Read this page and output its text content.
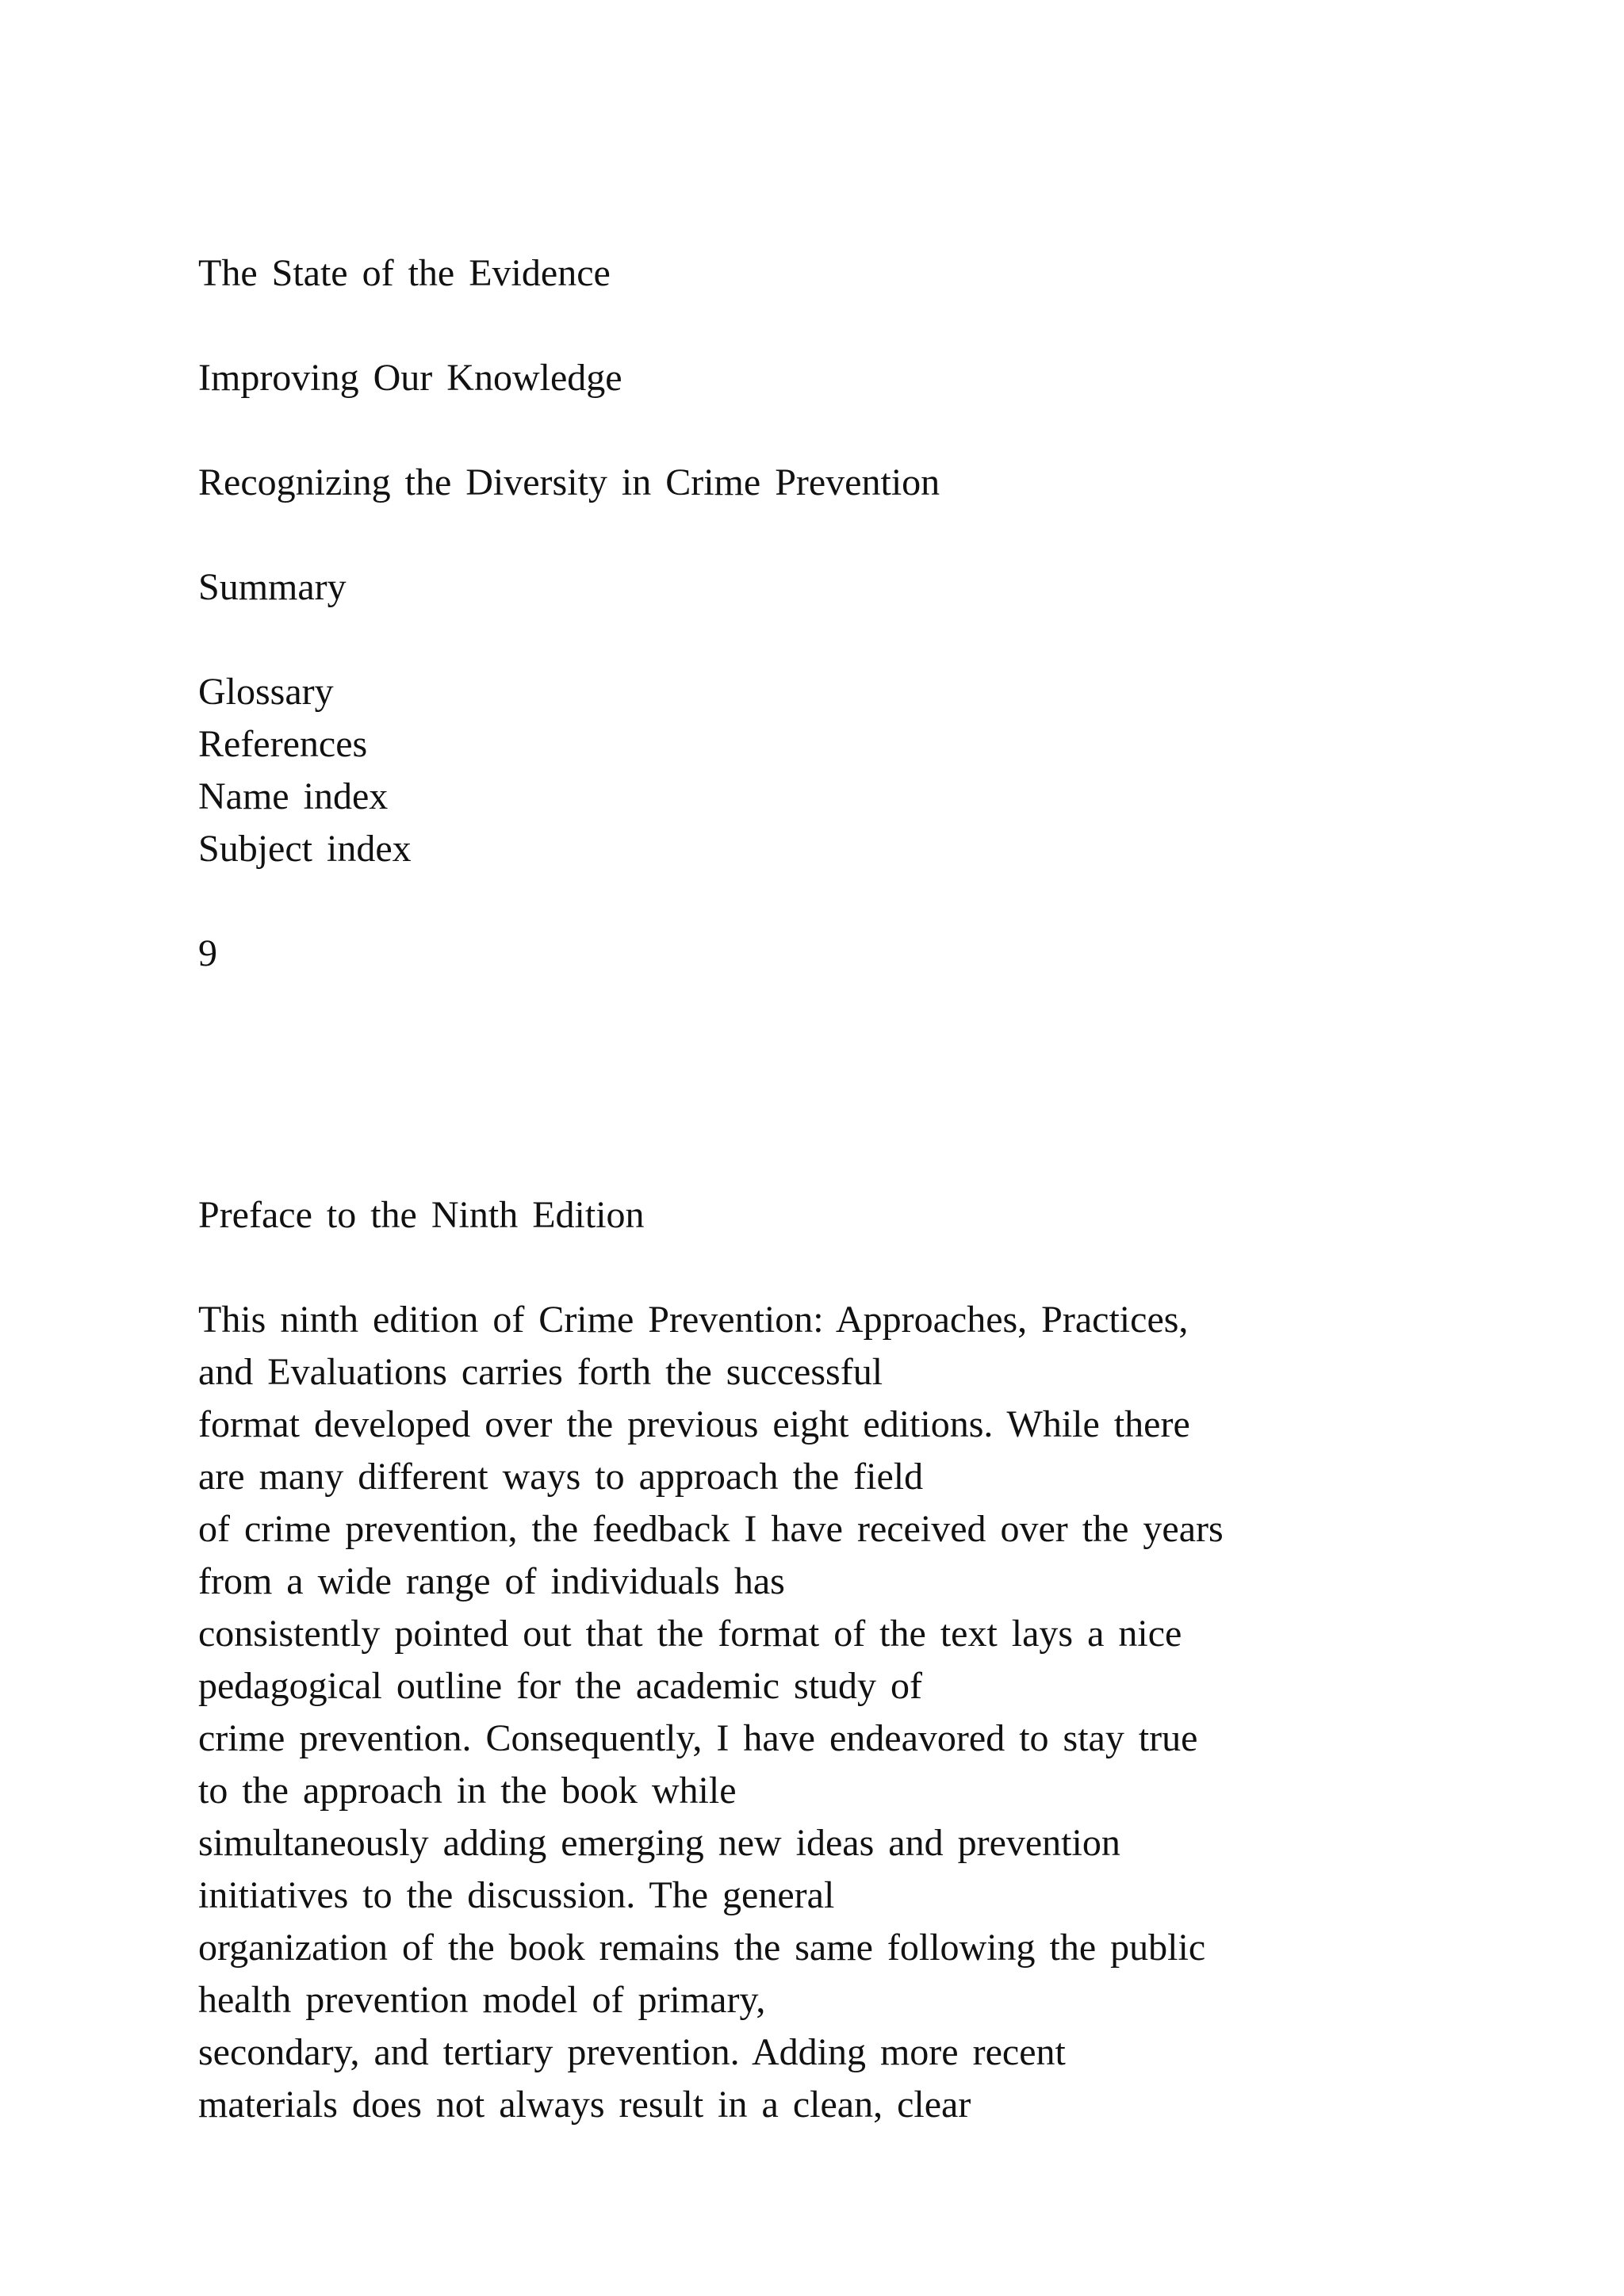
The State of the Evidence
Improving Our Knowledge
Recognizing the Diversity in Crime Prevention
Summary
Glossary
References
Name index
Subject index
9
Preface to the Ninth Edition
This ninth edition of Crime Prevention: Approaches, Practices,
and Evaluations carries forth the successful
format developed over the previous eight editions. While there
are many different ways to approach the field
of crime prevention, the feedback I have received over the years
from a wide range of individuals has
consistently pointed out that the format of the text lays a nice
pedagogical outline for the academic study of
crime prevention. Consequently, I have endeavored to stay true
to the approach in the book while
simultaneously adding emerging new ideas and prevention
initiatives to the discussion. The general
organization of the book remains the same following the public
health prevention model of primary,
secondary, and tertiary prevention. Adding more recent
materials does not always result in a clean, clear
